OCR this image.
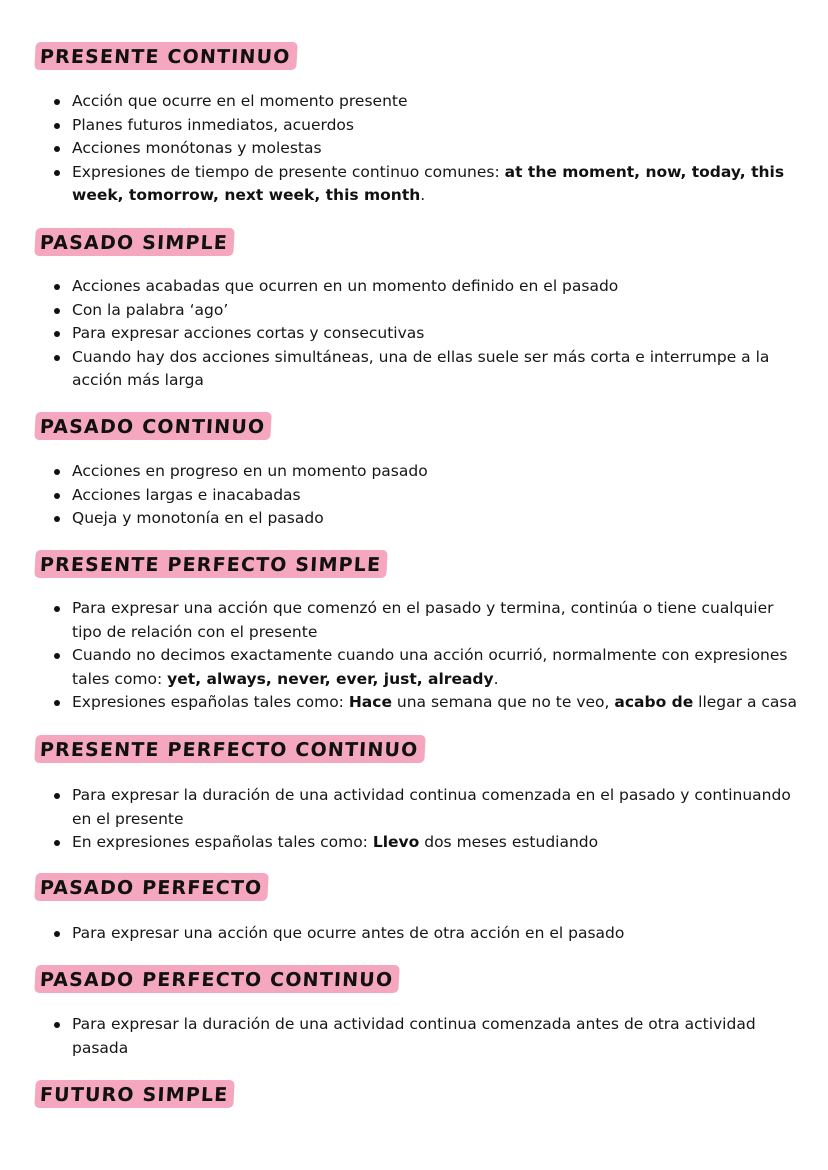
PRESENTE CONTINUO
Acción que ocurre en el momento presente
Planes futuros inmediatos, acuerdos
Acciones monótonas y molestas
Expresiones de tiempo de presente continuo comunes: at the moment, now, today, this week, tomorrow, next week, this month.
PASADO SIMPLE
Acciones acabadas que ocurren en un momento definido en el pasado
Con la palabra ‘ago’
Para expresar acciones cortas y consecutivas
Cuando hay dos acciones simultáneas, una de ellas suele ser más corta e interrumpe a la acción más larga
PASADO CONTINUO
Acciones en progreso en un momento pasado
Acciones largas e inacabadas
Queja y monotonía en el pasado
PRESENTE PERFECTO SIMPLE
Para expresar una acción que comenzó en el pasado y termina, continúa o tiene cualquier tipo de relación con el presente
Cuando no decimos exactamente cuando una acción ocurrió, normalmente con expresiones tales como: yet, always, never, ever, just, already.
Expresiones españolas tales como: Hace una semana que no te veo, acabo de llegar a casa
PRESENTE PERFECTO CONTINUO
Para expresar la duración de una actividad continua comenzada en el pasado y continuando en el presente
En expresiones españolas tales como: Llevo dos meses estudiando
PASADO PERFECTO
Para expresar una acción que ocurre antes de otra acción en el pasado
PASADO PERFECTO CONTINUO
Para expresar la duración de una actividad continua comenzada antes de otra actividad pasada
FUTURO SIMPLE
